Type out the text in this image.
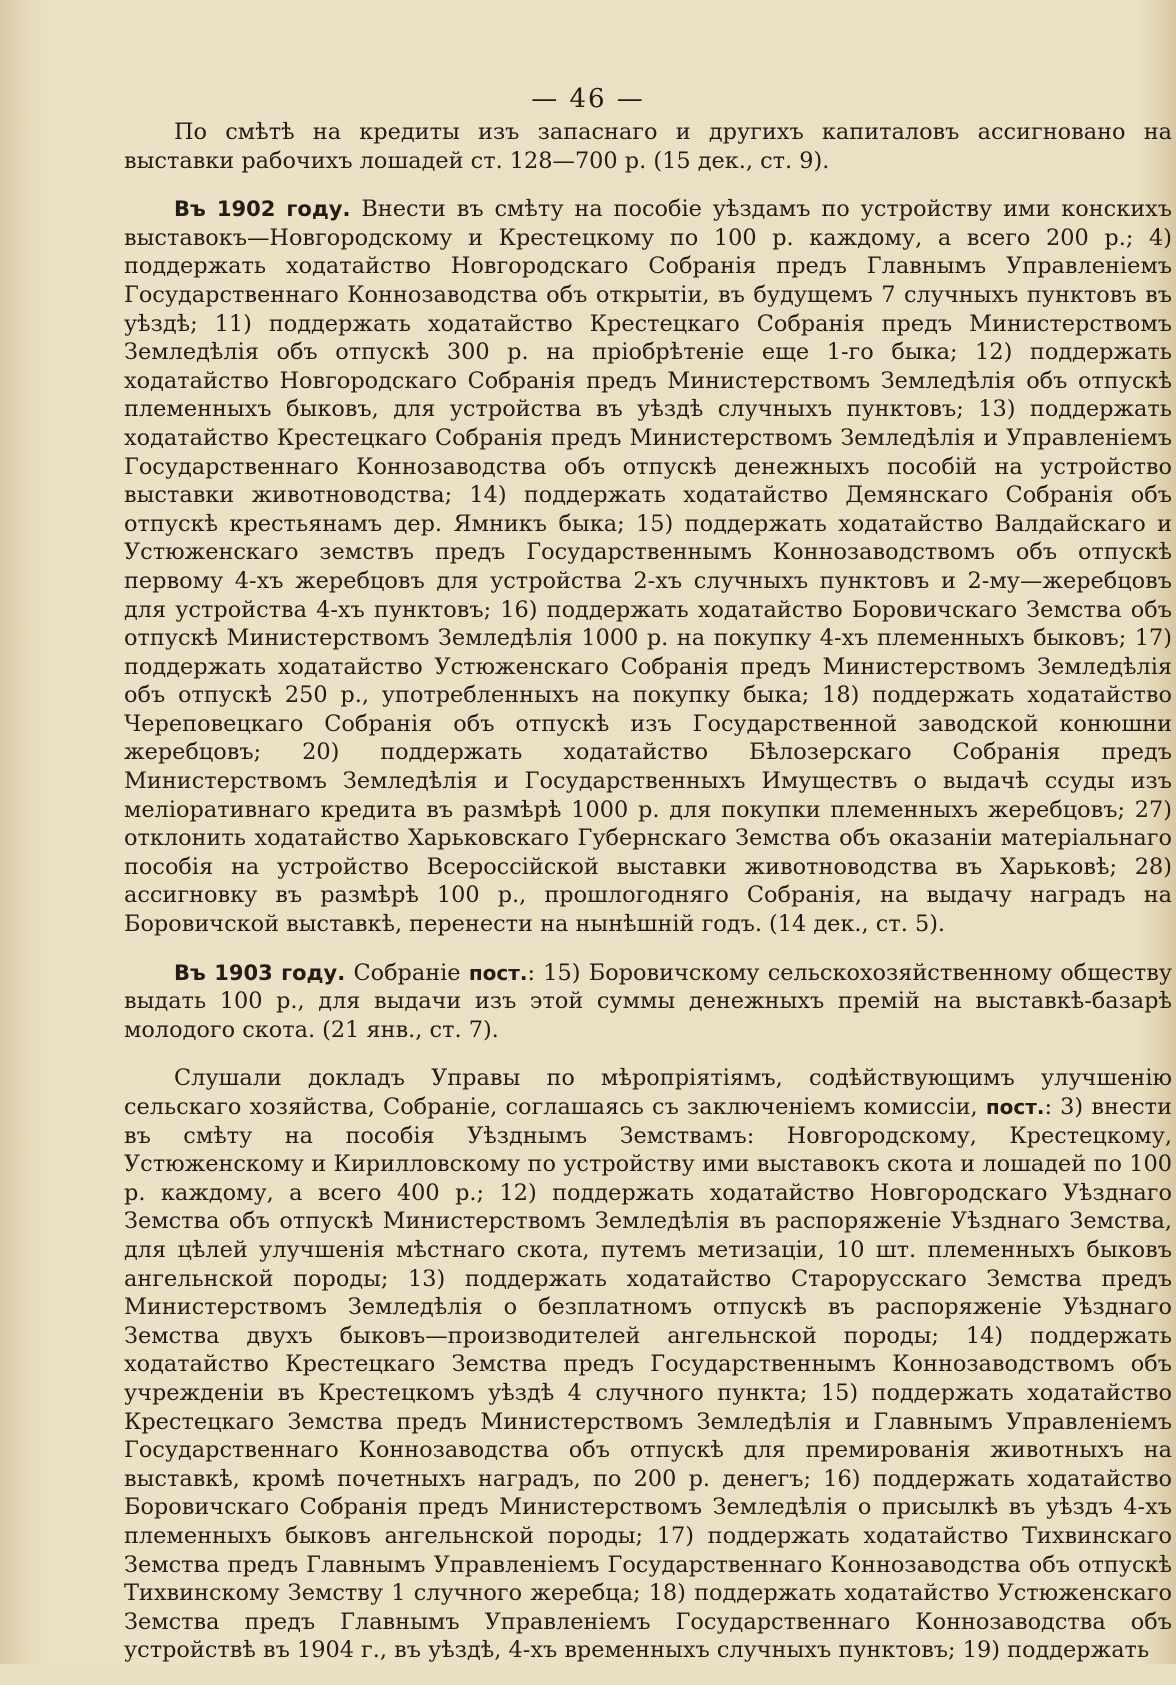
— 46 —

По смѣтѣ на кредиты изъ запаснаго и другихъ капиталовъ ассигновано на выставки рабочихъ лошадей ст. 128—700 р. (15 дек., ст. 9).

Въ 1902 году. Внести въ смѣту на пособіе уѣздамъ по устройству ими конскихъ выставокъ—Новгородскому и Крестецкому по 100 р. каждому, а всего 200 р.; 4) поддержать ходатайство Новгородскаго Собранія предъ Главнымъ Управленіемъ Государственнаго Коннозаводства объ открытіи, въ будущемъ 7 случныхъ пунктовъ въ уѣздѣ; 11) поддержать ходатайство Крестецкаго Собранія предъ Министерствомъ Земледѣлія объ отпускѣ 300 р. на пріобрѣтеніе еще 1-го быка; 12) поддержать ходатайство Новгородскаго Собранія предъ Министерствомъ Земледѣлія объ отпускѣ племенныхъ быковъ, для устройства въ уѣздѣ случныхъ пунктовъ; 13) поддержать ходатайство Крестецкаго Собранія предъ Министерствомъ Земледѣлія и Управленіемъ Государственнаго Коннозаводства объ отпускѣ денежныхъ пособій на устройство выставки животноводства; 14) поддержать ходатайство Демянскаго Собранія объ отпускѣ крестьянамъ дер. Ямникъ быка; 15) поддержать ходатайство Валдайскаго и Устюженскаго земствъ предъ Государственнымъ Коннозаводствомъ объ отпускѣ первому 4-хъ жеребцовъ для устройства 2-хъ случныхъ пунктовъ и 2-му—жеребцовъ для устройства 4-хъ пунктовъ; 16) поддержать ходатайство Боровичскаго Земства объ отпускѣ Министерствомъ Земледѣлія 1000 р. на покупку 4-хъ племенныхъ быковъ; 17) поддержать ходатайство Устюженскаго Собранія предъ Министерствомъ Земледѣлія объ отпускѣ 250 р., употребленныхъ на покупку быка; 18) поддержать ходатайство Череповецкаго Собранія объ отпускѣ изъ Государственной заводской конюшни жеребцовъ; 20) поддержать ходатайство Бѣлозерскаго Собранія предъ Министерствомъ Земледѣлія и Государственныхъ Имуществъ о выдачѣ ссуды изъ меліоративнаго кредита въ размѣрѣ 1000 р. для покупки племенныхъ жеребцовъ; 27) отклонить ходатайство Харьковскаго Губернскаго Земства объ оказаніи матеріальнаго пособія на устройство Всероссійской выставки животноводства въ Харьковѣ; 28) ассигновку въ размѣрѣ 100 р., прошлогодняго Собранія, на выдачу наградъ на Боровичской выставкѣ, перенести на нынѣшній годъ. (14 дек., ст. 5).

Въ 1903 году. Собраніе пост.: 15) Боровичскому сельскохозяйственному обществу выдать 100 р., для выдачи изъ этой суммы денежныхъ премій на выставкѣ-базарѣ молодого скота. (21 янв., ст. 7).

Слушали докладъ Управы по мѣропріятіямъ, содѣйствующимъ улучшенію сельскаго хозяйства, Собраніе, соглашаясь съ заключеніемъ комиссіи, пост.: 3) внести въ смѣту на пособія Уѣзднымъ Земствамъ: Новгородскому, Крестецкому, Устюженскому и Кирилловскому по устройству ими выставокъ скота и лошадей по 100 р. каждому, а всего 400 р.; 12) поддержать ходатайство Новгородскаго Уѣзднаго Земства объ отпускѣ Министерствомъ Земледѣлія въ распоряженіе Уѣзднаго Земства, для цѣлей улучшенія мѣстнаго скота, путемъ метизаціи, 10 шт. племенныхъ быковъ ангельнской породы; 13) поддержать ходатайство Старорусскаго Земства предъ Министерствомъ Земледѣлія о безплатномъ отпускѣ въ распоряженіе Уѣзднаго Земства двухъ быковъ—производителей ангельнской породы; 14) поддержать ходатайство Крестецкаго Земства предъ Государственнымъ Коннозаводствомъ объ учрежденіи въ Крестецкомъ уѣздѣ 4 случного пункта; 15) поддержать ходатайство Крестецкаго Земства предъ Министерствомъ Земледѣлія и Главнымъ Управленіемъ Государственнаго Коннозаводства объ отпускѣ для премированія животныхъ на выставкѣ, кромѣ почетныхъ наградъ, по 200 р. денегъ; 16) поддержать ходатайство Боровичскаго Собранія предъ Министерствомъ Земледѣлія о присылкѣ въ уѣздъ 4-хъ племенныхъ быковъ ангельнской породы; 17) поддержать ходатайство Тихвинскаго Земства предъ Главнымъ Управленіемъ Государственнаго Коннозаводства объ отпускѣ Тихвинскому Земству 1 случного жеребца; 18) поддержать ходатайство Устюженскаго Земства предъ Главнымъ Управленіемъ Государственнаго Коннозаводства объ устройствѣ въ 1904 г., въ уѣздѣ, 4-хъ временныхъ случныхъ пунктовъ; 19) поддержать
